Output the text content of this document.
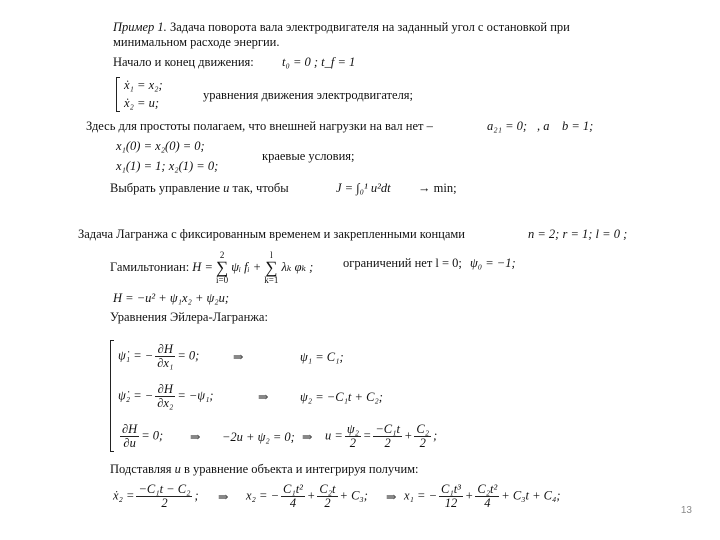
Пример 1. Задача поворота вала электродвигателя на заданный угол с остановкой при
минимальном расходе энергии.
Начало и конец движения: t₀ = 0 ; t_f = 1
ẋ₁ = x₂;
ẋ₂ = u;
уравнения движения электродвигателя;
Здесь для простоты полагаем, что внешней нагрузки на вал нет –	a₂₁ = 0; , a b = 1;
x₁(0) = x₂(0) = 0;
x₁(1) = 1; x₂(1) = 0;
краевые условия;
Выбрать управление u так, чтобы	J = ∫₀¹ u²dt → min;
Задача Лагранжа с фиксированным временем и закрепленными концами	n = 2; r = 1; l = 0 ;
Гамильтониан: H = 2
∑
i=0 ψᵢ fᵢ + l
∑
k=1 λₖ φₖ ; ограничений нет l = 0; ψ₀ = −1;
H = −u² + ψ₁x₂ + ψ₂u;
Уравнения Эйлера-Лагранжа:
ψ̇₁ = − $\frac{\partial H}{\text{∂x₁}} = 0$;	⇒	ψ₁ = C₁;
ψ̇₂ = − $\frac{\partial H}{\text{∂x₂}} = -\psi_1$;	⇒	ψ₂ = −C₁t + C₂;
$\frac{\partial H}{\partial u} = 0$; ⇒ −2u + ψ₂ = 0; ⇒ $u = \frac{\text{ψ₂}}{2} = \frac{\text{−C₁t}}{2} + \frac{\text{C₂}}{2}$ ;
Подставляя u в уравнение объекта и интегрируя получим:
ẋ₂ = $\frac{\text{−C₁t − C₂}}{2}$ ; ⇒ x₂ = − $\frac{\text{C₁t²}}{4} + \frac{\text{C₂t}}{2} + C_3$; ⇒ x₁ = − $\frac{\text{C₁t³}}{12} + \frac{\text{C₂t²}}{4} + C_3t + C_4$;
13
